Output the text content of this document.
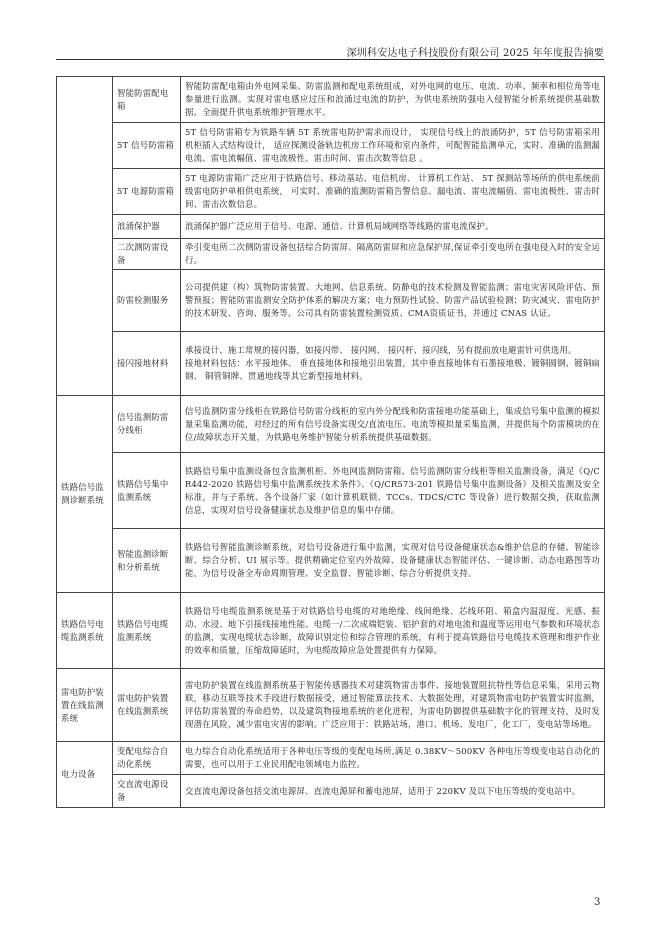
深圳科安达电子科技股份有限公司 2025 年年度报告摘要
	智能防雷配电箱	智能防雷配电箱由外电网采集、防雷监测和配电系统组成，对外电网的电压、电流、功率、频率和相位角等电参量进行监测。实现对雷电感应过压和浪涌过电流的防护，为供电系统防强电入侵智能分析系统提供基础数据。全面提升供电系统维护管理水平。
	5T 信号防雷箱	5T 信号防雷箱专为铁路车辆 5T 系统雷电防护需求而设计， 实现信号线上的浪涌防护，5T 信号防雷箱采用机柜插入式结构设计， 适应探测设备轨边机房工作环境和室内条件，可配智能监测单元，实时、准确的监测漏电流、雷电流幅值、雷电流极性、雷击时间、雷击次数等信息 。
	5T 电源防雷箱	5T 电源防雷箱广泛应用于铁路信号、移动基站、电信机房、 计算机工作站、 5T 探测站等场所的供电系统前级雷电防护单相供电系统， 可实时、准确的监测防雷箱告警信息、漏电流、雷电流幅值、雷电流极性、雷击时间、雷击次数信息。
	浪涌保护器	浪涌保护器广泛应用于信号、电源、通信、计算机局域网络等线路的雷电流保护。
	二次测防雷设备	牵引变电所二次侧防雷设备包括综合防雷屏、隔离防雷屏和应急保护屏,保证牵引变电所在强电侵入时的安全运行。
	防雷检测服务	公司提供建（构）筑物防雷装置、大地网、信息系统、防静电的技术检测及智能监测；雷电灾害风险评估、预警预报；智能防雷监测安全防护体系的解决方案；电力预防性试验、防雷产品试验检测；防灾减灾、雷电防护的技术研发、咨询、服务等。公司具有防雷装置检测资质、CMA资质证书，并通过 CNAS 认证。
	接闪接地材料	承接设计、施工常规的接闪器，如接闪带、 接闪网、 接闪杆、接闪线，另有提前放电避雷针可供选用。
接地材料包括：水平接地体、 垂直接地体和接地引出装置，其中垂直接地体有石墨接地极、镀铜圆钢、镀铜扁钢、 铜管铜牌、贯通地线等其它新型接地材料。
铁路信号监测诊断系统	信号监测防雷分线柜	信号监测防雷分线柜在铁路信号防雷分线柜的室内外分配线和防雷接地功能基础上，集成信号集中监测的模拟量采集监测功能，对经过的所有信号设备实现交/直流电压、电流等模拟量采集监测，并提供每个防雷模块的在位/故障状态开关量，为铁路电务维护智能分析系统提供基础数据。
	铁路信号集中监测系统	铁路信号集中监测设备包含监测机柜、外电网监测防雷箱、信号监测防雷分线柜等相关监测设备，满足《Q/CR442-2020 铁路信号集中监测系统技术条件》、《Q/CR573-201 铁路信号集中监测设备》及相关监测及安全标准，并与子系统、各个设备厂家（如计算机联锁、TCCs、TDCS/CTC 等设备）进行数据交换，获取监测信息，实现对信号设备健康状态及维护信息的集中存储。
	智能监测诊断和分析系统	铁路信号智能监测诊断系统，对信号设备进行集中监测，实现对信号设备健康状态&维护信息的存储、智能诊断、综合分析、UI 展示等。提供精确定位室内外故障、设备健康状态智能评估、一键诊断、动态电路图等功能，为信号设备全寿命周期管理、安全监督、智能诊断、综合分析提供支持。
铁路信号电缆监测系统	铁路信号电缆监测系统	铁路信号电缆监测系统是基于对铁路信号电缆的对地绝缘、线间绝缘、芯线环阻、箱盒内温湿度、光感、振动、水浸、地下引接线接地性能、电缆一/二次成端铠装、铝护套的对地电流和温度等运用电气参数和环境状态的监测，实现电缆状态诊断，故障识别定位和综合管理的系统，有利于提高铁路信号电缆技术管理和维护作业的效率和质量，压缩故障延时，为电缆故障应急处置提供有力保障。
雷电防护装置在线监测系统	雷电防护装置在线监测系统	雷电防护装置在线监测系统基于智能传感器技术对建筑物雷击事件、接地装置阻抗特性等信息采集，采用云物联，移动互联等技术手段进行数据接受，通过智能算法技术、大数据处理，对建筑物雷电防护装置实时监测，评估防雷装置的寿命趋势，以及建筑物接地系统的老化进程，为雷电防御提供基础数字化的管理支持，及时发现潜在风险，减少雷电灾害的影响。广泛应用于：铁路站场，港口、机场、发电厂，化工厂，变电站等场地。
电力设备	变配电综合自动化系统	电力综合自动化系统适用于各种电压等级的变配电场所,满足 0.38KV～500KV 各种电压等级变电站自动化的需要，也可以用于工业民用配电领域电力监控。
	交直流电源设备	交直流电源设备包括交流电源屏、直流电源屏和蓄电池屏，适用于 220KV 及以下电压等级的变电站中。
3
